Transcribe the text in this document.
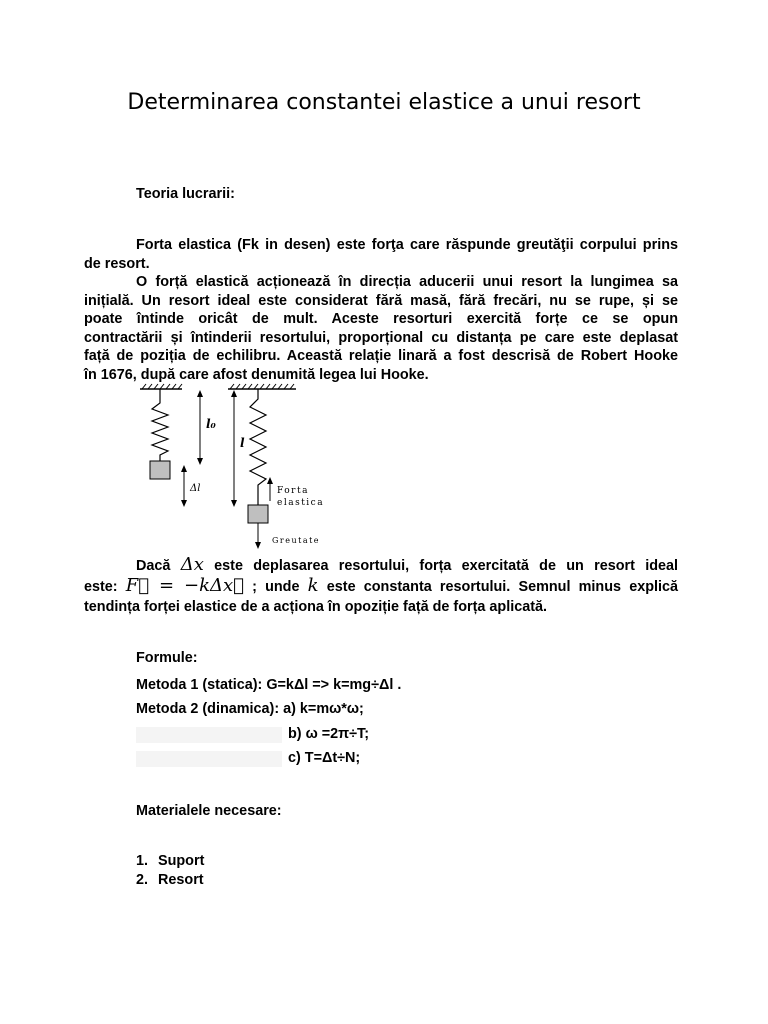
Determinarea constantei elastice a unui resort
Teoria lucrarii:
Forta elastica (Fk in desen) este forţa care răspunde greutăţii corpului prins
de resort.
O forță elastică acționează în direcția aducerii unui resort la lungimea sa
inițială. Un resort ideal este considerat fără masă, fără frecări, nu se rupe, și se
poate întinde oricât de mult. Aceste resorturi exercită forțe ce se opun
contractării și întinderii resortului, proporțional cu distanța pe care este deplasat
față de poziția de echilibru. Această relație linară a fost descrisă de Robert Hooke
în 1676, după care afost denumită legea lui Hooke.
l₀
Δl
l
Forta
elastica
Greutate
Dacă Δx este deplasarea resortului, forța exercitată de un resort ideal
este: F⃗ = −kΔx⃗ ; unde k este constanta resortului. Semnul minus explică
tendința forței elastice de a acționa în opoziție față de forța aplicată.
Formule:
Metoda 1 (statica): G=kΔl => k=mg÷Δl .
Metoda 2 (dinamica): a) k=mω*ω;
b) ω =2π÷T;
c) T=Δt÷N;
Materialele necesare:
1. Suport
2. Resort
